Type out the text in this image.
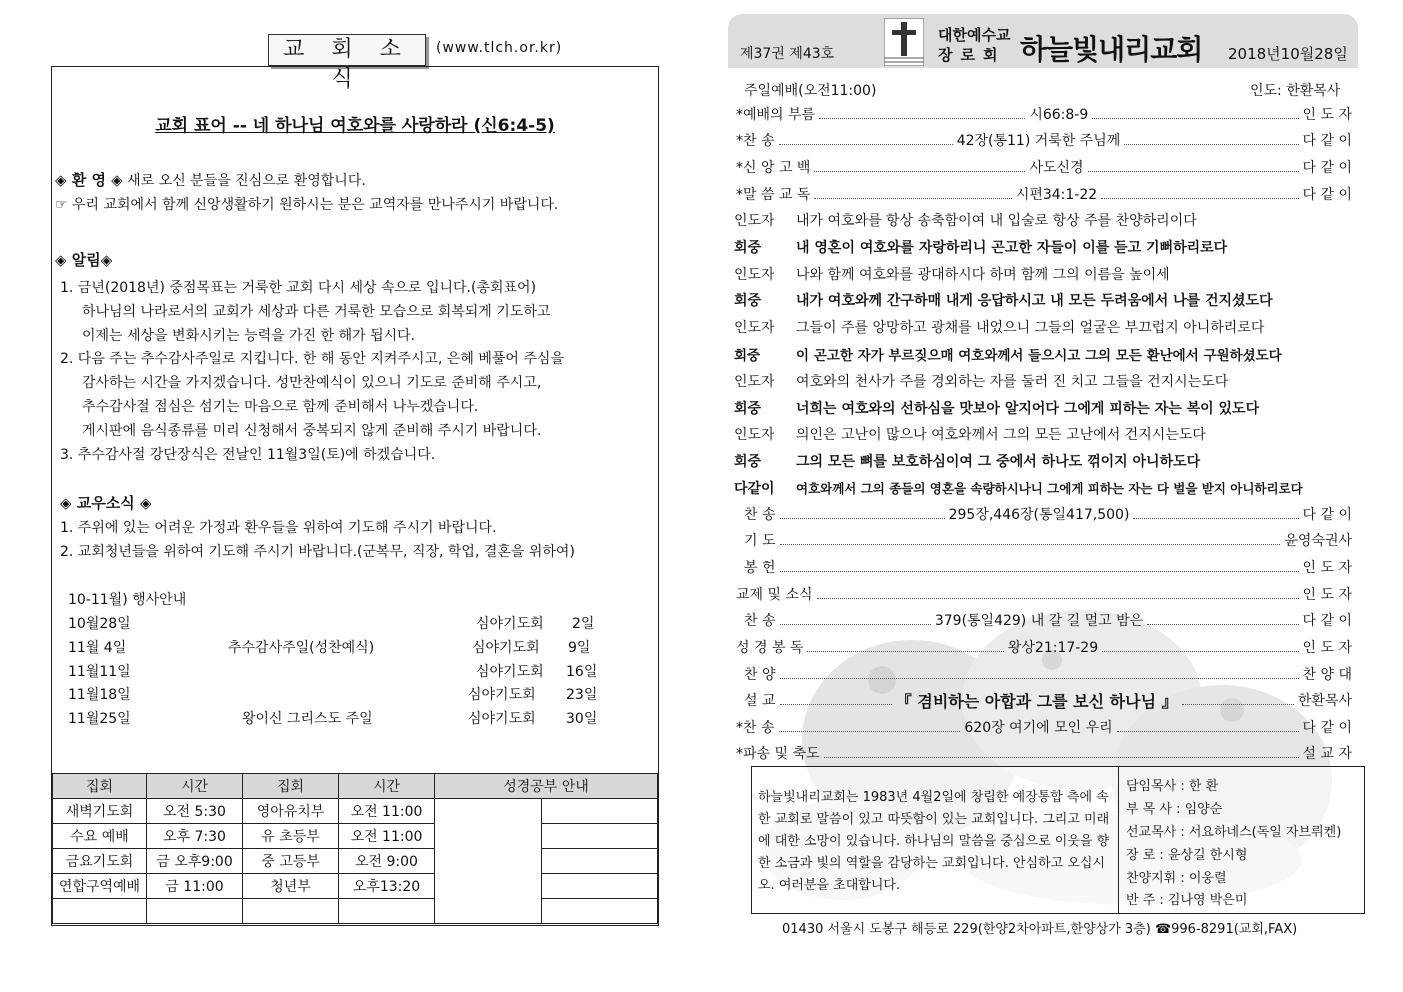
교 회 소 식
(www.tlch.or.kr)
교회 표어 -- 네 하나님 여호와를 사랑하라 (신6:4-5)
◈ 환 영 ◈ 새로 오신 분들을 진심으로 환영합니다.
☞ 우리 교회에서 함께 신앙생활하기 원하시는 분은 교역자를 만나주시기 바랍니다.
◈ 알림◈
1. 금년(2018년) 중점목표는 거룩한 교회 다시 세상 속으로 입니다.(총회표어)
하나님의 나라로서의 교회가 세상과 다른 거룩한 모습으로 회복되게 기도하고
이제는 세상을 변화시키는 능력을 가진 한 해가 됩시다.
2. 다음 주는 추수감사주일로 지킵니다. 한 해 동안 지켜주시고, 은혜 베풀어 주심을
감사하는 시간을 가지겠습니다. 성만찬예식이 있으니 기도로 준비해 주시고,
추수감사절 점심은 섬기는 마음으로 함께 준비해서 나누겠습니다.
게시판에 음식종류를 미리 신청해서 중복되지 않게 준비해 주시기 바랍니다.
3. 추수감사절 강단장식은 전날인 11월3일(토)에 하겠습니다.
◈ 교우소식 ◈
1. 주위에 있는 어려운 가정과 환우들을 위하여 기도해 주시기 바랍니다.
2. 교회청년들을 위하여 기도해 주시기 바랍니다.(군복무, 직장, 학업, 결혼을 위하여)
10-11월) 행사안내
10월28일	심야기도회 2일
11월 4일	추수감사주일(성찬예식)	심야기도회 9일
11월11일	심야기도회 16일
11월18일	심야기도회 23일
11월25일	왕이신 그리스도 주일	심야기도회 30일
집회	시간	집회	시간	성경공부 안내	
새벽기도회	오전 5:30	영아유치부	오전 11:00		
수요 예배	오후 7:30	유 초등부	오전 11:00		
금요기도회	금 오후9:00	중 고등부	오전 9:00		
연합구역예배	금 11:00	청년부	오후13:20		

제37권 제43호
대한예수교
장로회 하늘빛내리교회 2018년10월28일
주일예배(오전11:00)	인도: 한환목사
*예배의 부름	시66:8-9	인 도 자
*찬 송	42장(통11) 거룩한 주님께	다 같 이
*신 앙 고 백	사도신경	다 같 이
*말 씀 교 독	시편34:1-22	다 같 이
인도자 내가 여호와를 항상 송축함이여 내 입술로 항상 주를 찬양하리이다
회중 내 영혼이 여호와를 자랑하리니 곤고한 자들이 이를 듣고 기뻐하리로다
인도자 나와 함께 여호와를 광대하시다 하며 함께 그의 이름을 높이세
회중 내가 여호와께 간구하매 내게 응답하시고 내 모든 두려움에서 나를 건지셨도다
인도자 그들이 주를 앙망하고 광채를 내었으니 그들의 얼굴은 부끄럽지 아니하리로다
회중	이 곤고한 자가 부르짖으매 여호와께서 들으시고 그의 모든 환난에서 구원하셨도다
인도자 여호와의 천사가 주를 경외하는 자를 둘러 진 치고 그들을 건지시는도다
회중 너희는 여호와의 선하심을 맛보아 알지어다 그에게 피하는 자는 복이 있도다
인도자 의인은 고난이 많으나 여호와께서 그의 모든 고난에서 건지시는도다
회중 그의 모든 뼈를 보호하심이여 그 중에서 하나도 꺾이지 아니하도다
다같이 여호와께서 그의 종들의 영혼을 속량하시나니 그에게 피하는 자는 다 벌을 받지 아니하리로다
찬 송	295장,446장(통일417,500)	다 같 이
기 도	윤영숙권사
봉 헌	인 도 자
교제 및 소식	인 도 자
찬 송	379(통일429) 내 갈 길 멀고 밤은	다 같 이
성 경 봉 독	왕상21:17-29	인 도 자
찬 양	찬 양 대
설 교	『 겸비하는 아합과 그를 보신 하나님 』	한환목사
*찬 송	620장 여기에 모인 우리	다 같 이
*파송 및 축도	설 교 자
하늘빛내리교회는 1983년 4월2일에 창립한 예장통합 측에 속한 교회로 말씀이 있고 따뜻함이 있는 교회입니다. 그리고 미래에 대한 소망이 있습니다. 하나님의 말씀을 중심으로 이웃을 향한 소금과 빛의 역할을 감당하는 교회입니다. 안심하고 오십시오. 여러분을 초대합니다.
담임목사 : 한 환
부 목 사 : 임양순
선교목사 : 서요하네스(독일 자브뤼켄)
장 로 : 윤상길 한시형
찬양지휘 : 이웅렬
반 주 : 김나영 박은미
01430 서울시 도봉구 해등로 229(한양2차아파트,한양상가 3층) ☎996-8291(교회,FAX)
